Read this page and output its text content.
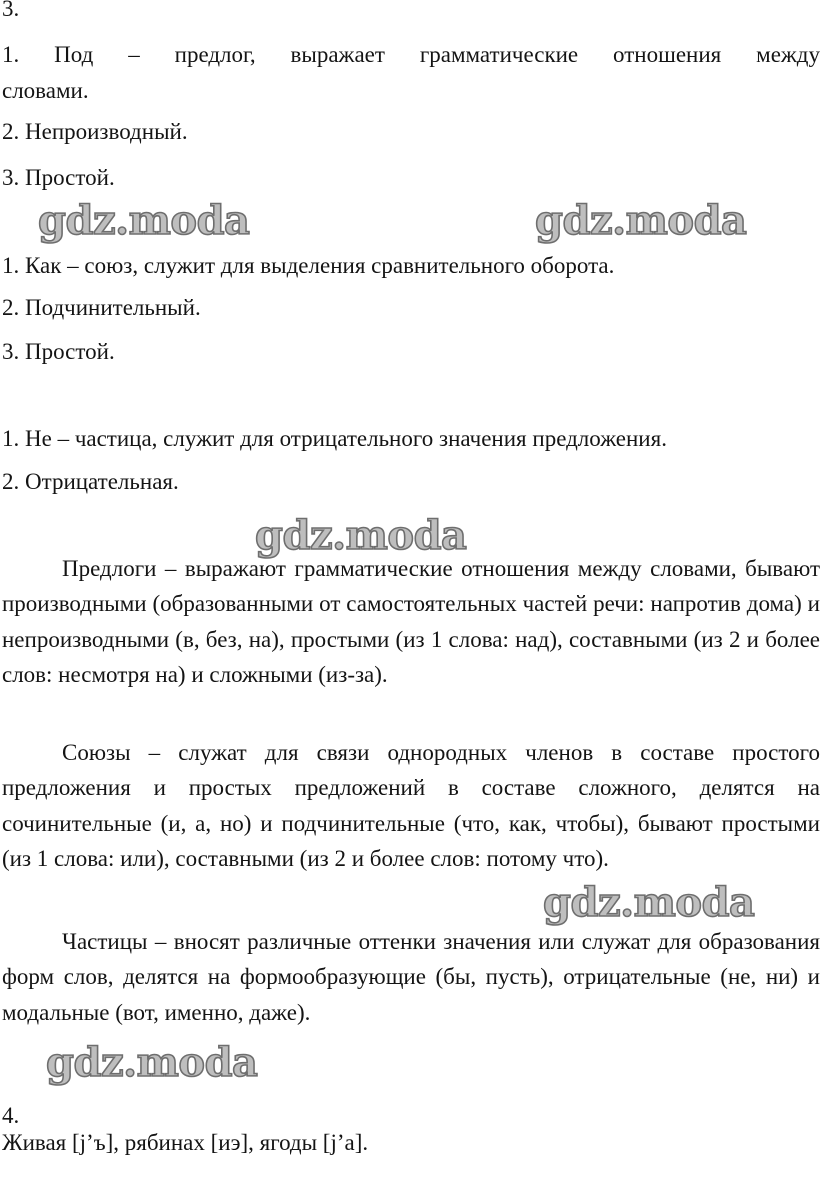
3.

1. Под – предлог, выражает грамматические отношения между

словами.

2. Непроизводный.

3. Простой.

gdz.moda	gdz.moda

1. Как – союз, служит для выделения сравнительного оборота.

2. Подчинительный.

3. Простой.

1. Не – частица, служит для отрицательного значения предложения.

2. Отрицательная.

gdz.moda

Предлоги – выражают грамматические отношения между словами, бывают производными (образованными от самостоятельных частей речи: напротив дома) и непроизводными (в, без, на), простыми (из 1 слова: над), составными (из 2 и более слов: несмотря на) и сложными (из-за).

Союзы – служат для связи однородных членов в составе простого предложения и простых предложений в составе сложного, делятся на сочинительные (и, а, но) и подчинительные (что, как, чтобы), бывают простыми (из 1 слова: или), составными (из 2 и более слов: потому что).

gdz.moda

Частицы – вносят различные оттенки значения или служат для образования форм слов, делятся на формообразующие (бы, пусть), отрицательные (не, ни) и модальные (вот, именно, даже).

gdz.moda

4.

Живая [j’ъ], рябинах [иэ], ягоды [j’а].
